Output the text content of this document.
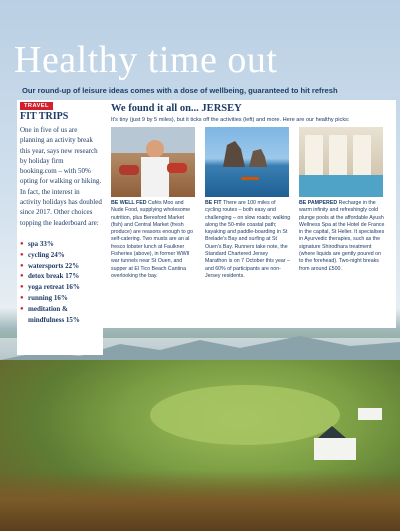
Healthy time out
Our round-up of leisure ideas comes with a dose of wellbeing, guaranteed to hit refresh
TRAVEL
FIT TRIPS
One in five of us are planning an activity break this year, says new research by holiday firm booking.com – with 50% opting for walking or hiking. In fact, the interest in activity holidays has doubled since 2017. Other choices topping the leaderboard are:
● spa 33%
● cycling 24%
● watersports 22%
● detox break 17%
● yoga retreat 16%
● running 16%
● meditation & mindfulness 15%
We found it all on... JERSEY
It's tiny (just 9 by 5 miles), but it ticks off the activities (left) and more. Here are our healthy picks:
BE WELL FED Cafés Moo and Nude Food, supplying wholesome nutrition, plus Beresford Market (fish) and Central Market (fresh produce) are reasons enough to go self-catering. Two musts are an al fresco lobster lunch at Faulkner Fisheries (above), in former WWII war tunnels near St Ouen, and supper at El Tico Beach Cantina overlooking the bay.
BE FIT There are 100 miles of cycling routes – both easy and challenging – on slow roads; walking along the 50-mile coastal path; kayaking and paddle-boarding in St Brelade's Bay and surfing at St Ouen's Bay. Runners take note, the Standard Chartered Jersey Marathon is on 7 October this year – and 60% of participants are non-Jersey residents.
BE PAMPERED Recharge in the warm infinity and refreshingly cold plunge pools at the affordable Ayush Wellness Spa at the Hotel de France in the capital, St Helier. It specialises in Ayurvedic therapies, such as the signature Shirodhara treatment (where liquids are gently poured on to the forehead). Two-night breaks from around £500.
